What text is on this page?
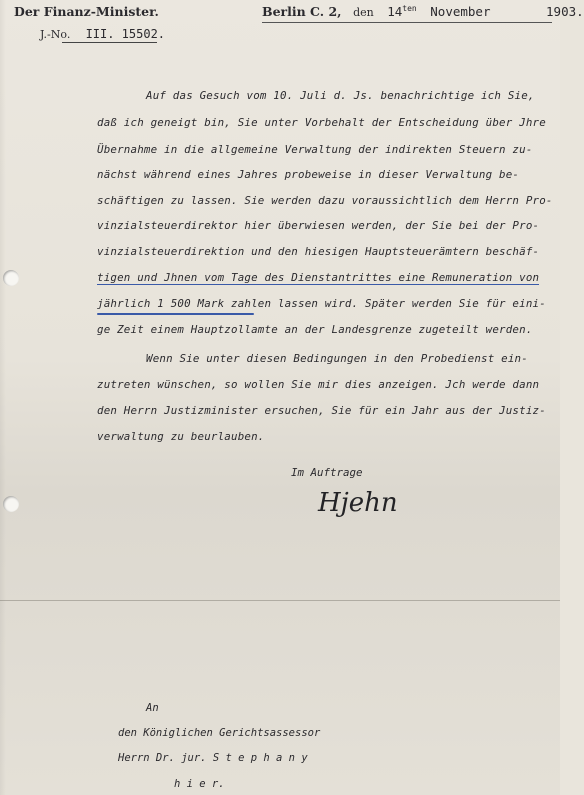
Der Finanz-Minister.
J.-No. III. 15502.
Berlin C. 2, den $14^{ten}$ November	1903.
Auf das Gesuch vom 10. Juli d. Js. benachrichtige ich Sie,
daß ich geneigt bin, Sie unter Vorbehalt der Entscheidung über Jhre
Übernahme in die allgemeine Verwaltung der indirekten Steuern zu-
nächst während eines Jahres probeweise in dieser Verwaltung be-
schäftigen zu lassen. Sie werden dazu voraussichtlich dem Herrn Pro-
vinzialsteuerdirektor hier überwiesen werden, der Sie bei der Pro-
vinzialsteuerdirektion und den hiesigen Hauptsteuerämtern beschäf-
tigen und Jhnen vom Tage des Dienstantrittes eine Remuneration von
jährlich 1 500 Mark zahlen lassen wird. Später werden Sie für eini-
ge Zeit einem Hauptzollamte an der Landesgrenze zugeteilt werden.
Wenn Sie unter diesen Bedingungen in den Probedienst ein-
zutreten wünschen, so wollen Sie mir dies anzeigen. Jch werde dann
den Herrn Justizminister ersuchen, Sie für ein Jahr aus der Justiz-
verwaltung zu beurlauben.
Im Auftrage
Hjehn
An
den Königlichen Gerichtsassessor
Herrn Dr. jur. S t e p h a n y
h i e r.
